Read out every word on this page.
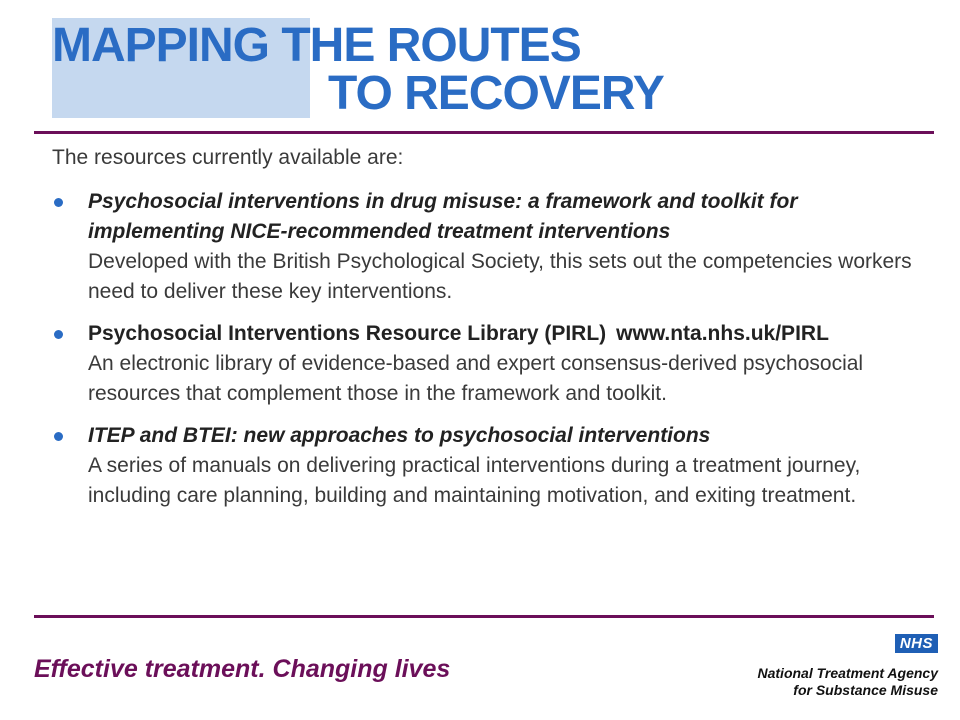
MAPPING THE ROUTES
TO RECOVERY

The resources currently available are:

Psychosocial interventions in drug misuse: a framework and toolkit for implementing NICE-recommended treatment interventions
Developed with the British Psychological Society, this sets out the competencies workers need to deliver these key interventions.
Psychosocial Interventions Resource Library (PIRL) www.nta.nhs.uk/PIRL
An electronic library of evidence-based and expert consensus-derived psychosocial resources that complement those in the framework and toolkit.
ITEP and BTEI: new approaches to psychosocial interventions
A series of manuals on delivering practical interventions during a treatment journey, including care planning, building and maintaining motivation, and exiting treatment.
Effective treatment. Changing lives
NHS
National Treatment Agency
for Substance Misuse
